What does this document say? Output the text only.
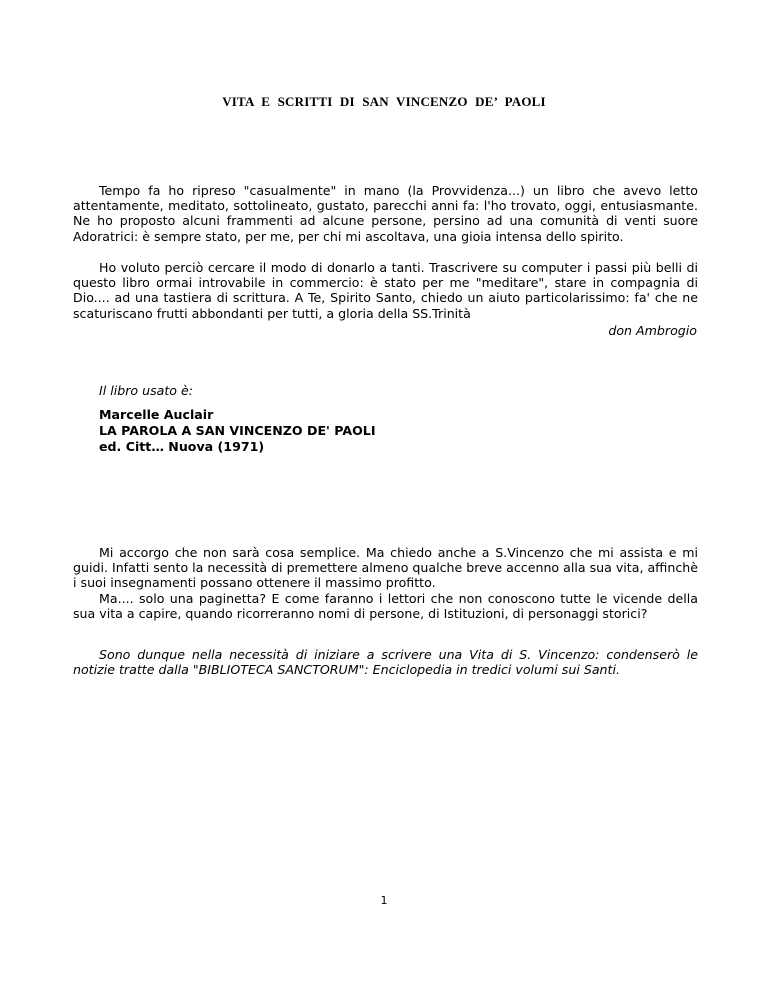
VITA E SCRITTI DI SAN VINCENZO DE’ PAOLI

Tempo fa ho ripreso "casualmente" in mano (la Provvidenza...) un libro che avevo letto attentamente, meditato, sottolineato, gustato, parecchi anni fa: l'ho trovato, oggi, entusiasmante. Ne ho proposto alcuni frammenti ad alcune persone, persino ad una comunità di venti suore Adoratrici: è sempre stato, per me, per chi mi ascoltava, una gioia intensa dello spirito.

Ho voluto perciò cercare il modo di donarlo a tanti. Trascrivere su computer i passi più belli di questo libro ormai introvabile in commercio: è stato per me "meditare", stare in compagnia di Dio.... ad una tastiera di scrittura. A Te, Spirito Santo, chiedo un aiuto particolarissimo: fa' che ne scaturiscano frutti abbondanti per tutti, a gloria della SS.Trinità

don Ambrogio

Il libro usato è:

Marcelle Auclair
LA PAROLA A SAN VINCENZO DE' PAOLI
ed. Citt… Nuova (1971)

Mi accorgo che non sarà cosa semplice. Ma chiedo anche a S.Vincenzo che mi assista e mi guidi. Infatti sento la necessità di premettere almeno qualche breve accenno alla sua vita, affinchè i suoi insegnamenti possano ottenere il massimo profitto.
Ma.... solo una paginetta? E come faranno i lettori che non conoscono tutte le vicende della sua vita a capire, quando ricorreranno nomi di persone, di Istituzioni, di personaggi storici?

Sono dunque nella necessità di iniziare a scrivere una Vita di S. Vincenzo: condenserò le notizie tratte dalla "BIBLIOTECA SANCTORUM": Enciclopedia in tredici volumi sui Santi.

1
